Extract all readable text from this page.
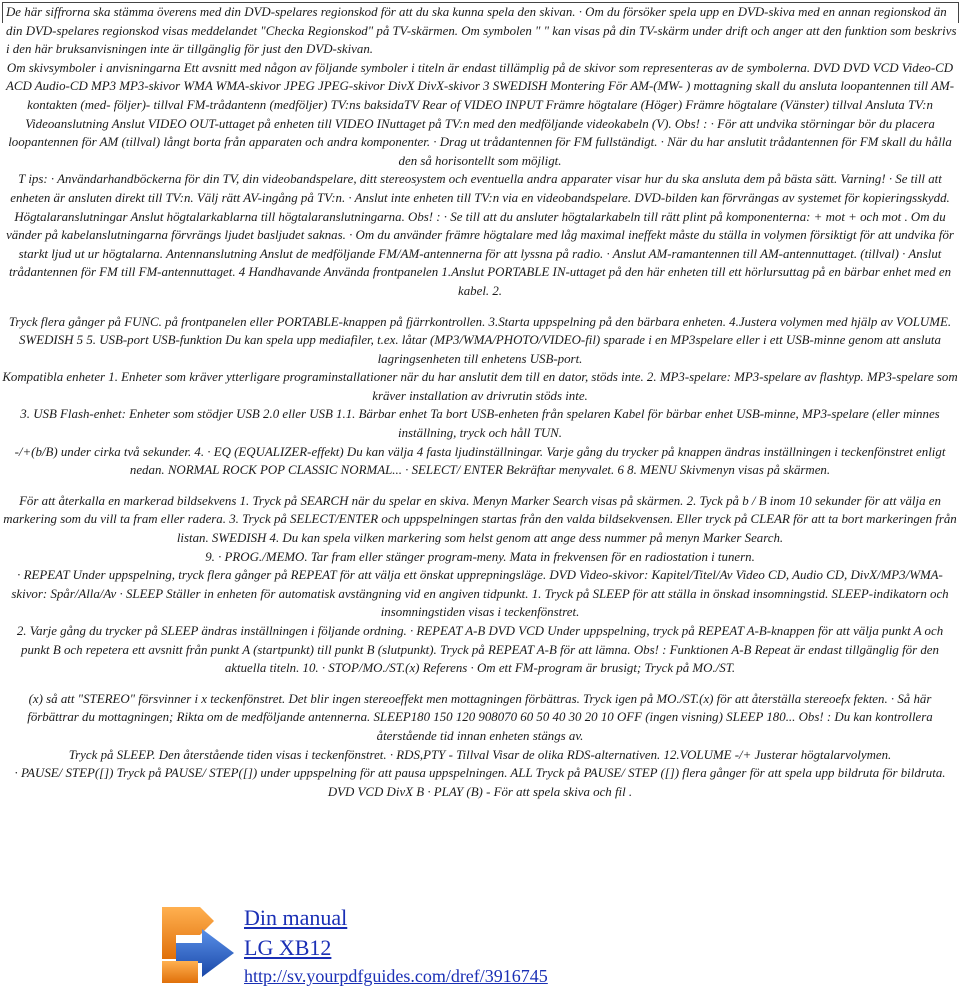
De här siffrorna ska stämma överens med din DVD-spelares regionskod för att du ska kunna spela den skivan. · Om du försöker spela upp en DVD-skiva med en annan regionskod än din DVD-spelares regionskod visas meddelandet "Checka Regionskod" på TV-skärmen. Om symbolen " " kan visas på din TV-skärm under drift och anger att den funktion som beskrivs i den här bruksanvisningen inte är tillgänglig för just den DVD-skivan.

Om skivsymboler i anvisningarna Ett avsnitt med någon av följande symboler i titeln är endast tillämplig på de skivor som representeras av de symbolerna. DVD DVD VCD Video-CD ACD Audio-CD MP3 MP3-skivor WMA WMA-skivor JPEG JPEG-skivor DivX DivX-skivor 3 SWEDISH Montering För AM-(MW- ) mottagning skall du ansluta loopantennen till AM-kontakten (med- följer)- tillval FM-trådantenn (medföljer) TV:ns baksidaTV Rear of VIDEO INPUT Främre högtalare (Höger) Främre högtalare (Vänster) tillval Ansluta TV:n Videoanslutning Anslut VIDEO OUT-uttaget på enheten till VIDEO INuttaget på TV:n med den medföljande videokabeln (V). Obs! : · För att undvika störningar bör du placera loopantennen för AM (tillval) långt borta från apparaten och andra komponenter. · Drag ut trådantennen för FM fullständigt. · När du har anslutit trådantennen för FM skall du hålla den så horisontellt som möjligt.

T ips: · Användarhandböckerna för din TV, din videobandspelare, ditt stereosystem och eventuella andra apparater visar hur du ska ansluta dem på bästa sätt. Varning! · Se till att enheten är ansluten direkt till TV:n. Välj rätt AV-ingång på TV:n. · Anslut inte enheten till TV:n via en videobandspelare. DVD-bilden kan förvrängas av systemet för kopieringsskydd.

Högtalaranslutningar Anslut högtalarkablarna till högtalaranslutningarna. Obs! : · Se till att du ansluter högtalarkabeln till rätt plint på komponenterna: + mot + och mot . Om du vänder på kabelanslutningarna förvrängs ljudet basljudet saknas. · Om du använder främre högtalare med låg maximal ineffekt måste du ställa in volymen försiktigt för att undvika för starkt ljud ut ur högtalarna. Antennanslutning Anslut de medföljande FM/AM-antennerna för att lyssna på radio. · Anslut AM-ramantennen till AM-antennuttaget. (tillval) · Anslut trådantennen för FM till FM-antennuttaget. 4 Handhavande Använda frontpanelen 1.Anslut PORTABLE IN-uttaget på den här enheten till ett hörlursuttag på en bärbar enhet med en kabel. 2.

Tryck flera gånger på FUNC. på frontpanelen eller PORTABLE-knappen på fjärrkontrollen. 3.Starta uppspelning på den bärbara enheten. 4.Justera volymen med hjälp av VOLUME. SWEDISH 5 5. USB-port USB-funktion Du kan spela upp mediafiler, t.ex. låtar (MP3/WMA/PHOTO/VIDEO-fil) sparade i en MP3spelare eller i ett USB-minne genom att ansluta lagringsenheten till enhetens USB-port.

Kompatibla enheter 1. Enheter som kräver ytterligare programinstallationer när du har anslutit dem till en dator, stöds inte. 2. MP3-spelare: MP3-spelare av flashtyp. MP3-spelare som kräver installation av drivrutin stöds inte.

3. USB Flash-enhet: Enheter som stödjer USB 2.0 eller USB 1.1. Bärbar enhet Ta bort USB-enheten från spelaren Kabel för bärbar enhet USB-minne, MP3-spelare (eller minnes inställning, tryck och håll TUN.

-/+(b/B) under cirka två sekunder. 4. · EQ (EQUALIZER-effekt) Du kan välja 4 fasta ljudinställningar. Varje gång du trycker på knappen ändras inställningen i teckenfönstret enligt nedan. NORMAL ROCK POP CLASSIC NORMAL... · SELECT/ ENTER Bekräftar menyvalet. 6 8. MENU Skivmenyn visas på skärmen.

För att återkalla en markerad bildsekvens 1. Tryck på SEARCH när du spelar en skiva. Menyn Marker Search visas på skärmen. 2. Tyck på b / B inom 10 sekunder för att välja en markering som du vill ta fram eller radera. 3. Tryck på SELECT/ENTER och uppspelningen startas från den valda bildsekvensen. Eller tryck på CLEAR för att ta bort markeringen från listan. SWEDISH 4. Du kan spela vilken markering som helst genom att ange dess nummer på menyn Marker Search.

9. · PROG./MEMO. Tar fram eller stänger program-meny. Mata in frekvensen för en radiostation i tunern.

· REPEAT Under uppspelning, tryck flera gånger på REPEAT för att välja ett önskat upprepningsläge. DVD Video-skivor: Kapitel/Titel/Av Video CD, Audio CD, DivX/MP3/WMA-skivor: Spår/Alla/Av · SLEEP Ställer in enheten för automatisk avstängning vid en angiven tidpunkt. 1. Tryck på SLEEP för att ställa in önskad insomningstid. SLEEP-indikatorn och insomningstiden visas i teckenfönstret.

2. Varje gång du trycker på SLEEP ändras inställningen i följande ordning. · REPEAT A-B DVD VCD Under uppspelning, tryck på REPEAT A-B-knappen för att välja punkt A och punkt B och repetera ett avsnitt från punkt A (startpunkt) till punkt B (slutpunkt). Tryck på REPEAT A-B för att lämna. Obs! : Funktionen A-B Repeat är endast tillgänglig för den aktuella titeln. 10. · STOP/MO./ST.(x) Referens · Om ett FM-program är brusigt; Tryck på MO./ST.

(x) så att "STEREO" försvinner i x teckenfönstret. Det blir ingen stereoeffekt men mottagningen förbättras. Tryck igen på MO./ST.(x) för att återställa stereoefx fekten. · Så här förbättrar du mottagningen; Rikta om de medföljande antennerna. SLEEP180 150 120 908070 60 50 40 30 20 10 OFF (ingen visning) SLEEP 180... Obs! : Du kan kontrollera återstående tid innan enheten stängs av.

Tryck på SLEEP. Den återstående tiden visas i teckenfönstret. · RDS,PTY - Tillval Visar de olika RDS-alternativen. 12.VOLUME -/+ Justerar högtalarvolymen.

· PAUSE/ STEP([]) Tryck på PAUSE/ STEP([]) under uppspelning för att pausa uppspelningen. ALL Tryck på PAUSE/ STEP ([]) flera gånger för att spela upp bildruta för bildruta. DVD VCD DivX B · PLAY (B) - För att spela skiva och fil .

Din manual
LG XB12
http://sv.yourpdfguides.com/dref/3916745
